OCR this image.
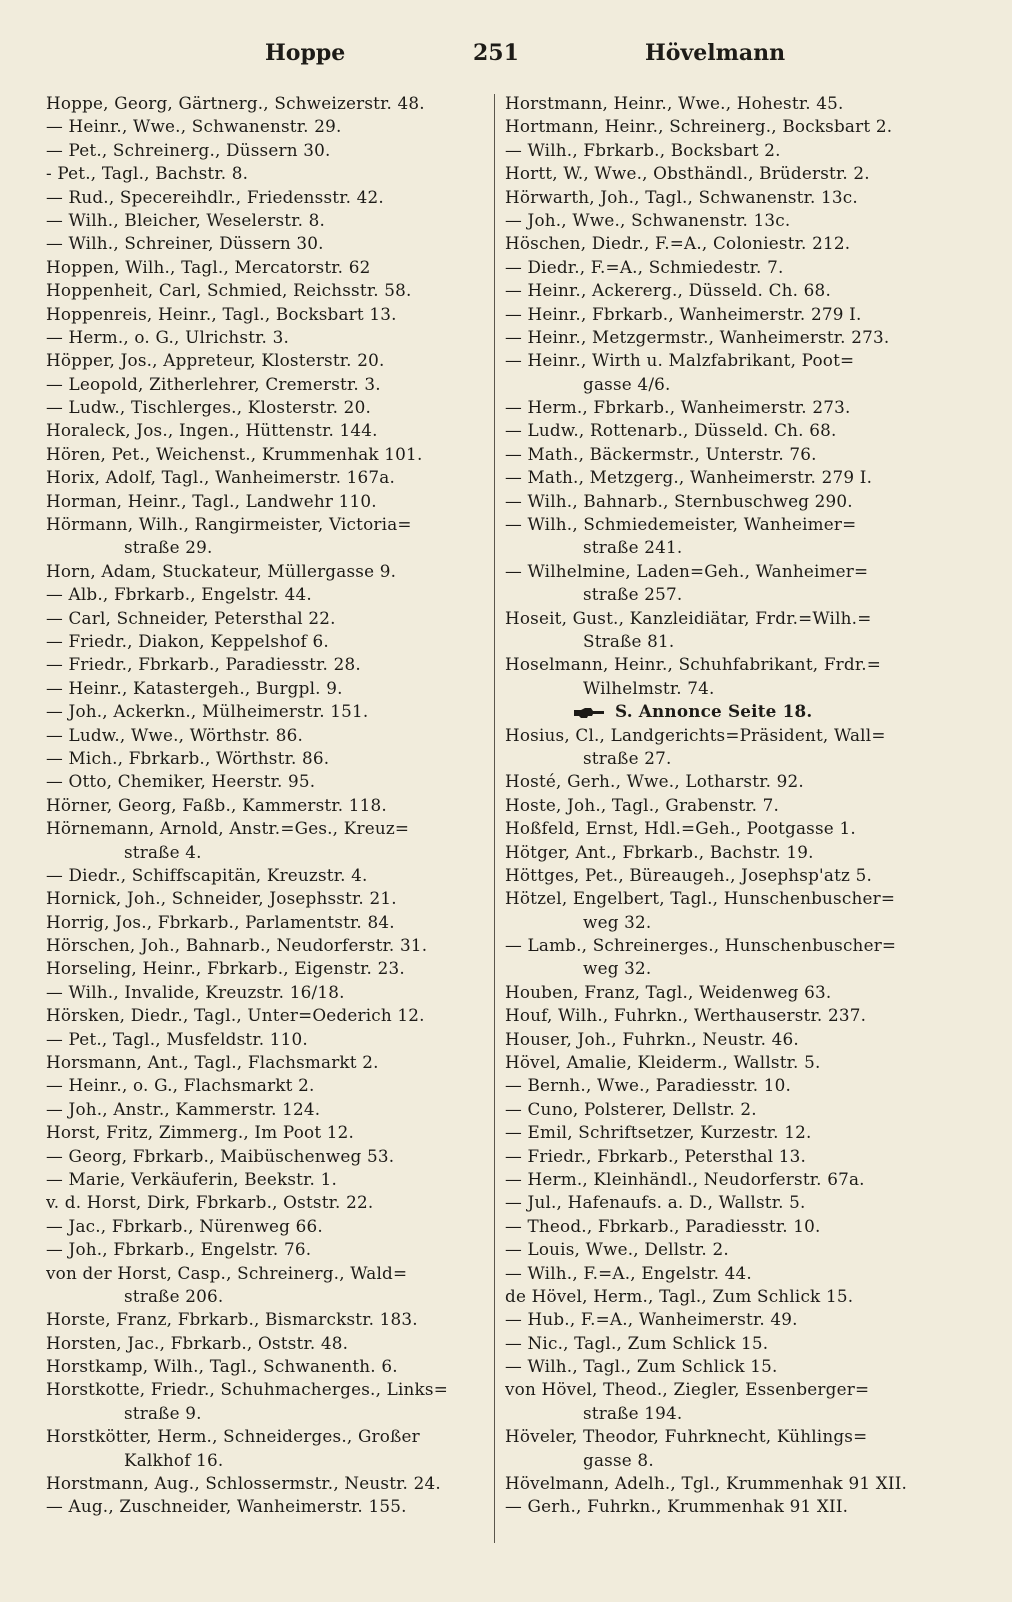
Hoppe	251	Hövelmann
Hoppe, Georg, Gärtnerg., Schweizerstr. 48.
— Heinr., Wwe., Schwanenstr. 29.
— Pet., Schreinerg., Düssern 30.
- Pet., Tagl., Bachstr. 8.
— Rud., Specereihdlr., Friedensstr. 42.
— Wilh., Bleicher, Weselerstr. 8.
— Wilh., Schreiner, Düssern 30.
Hoppen, Wilh., Tagl., Mercatorstr. 62
Hoppenheit, Carl, Schmied, Reichsstr. 58.
Hoppenreis, Heinr., Tagl., Bocksbart 13.
— Herm., o. G., Ulrichstr. 3.
Höpper, Jos., Appreteur, Klosterstr. 20.
— Leopold, Zitherlehrer, Cremerstr. 3.
— Ludw., Tischlerges., Klosterstr. 20.
Horaleck, Jos., Ingen., Hüttenstr. 144.
Hören, Pet., Weichenst., Krummenhak 101.
Horix, Adolf, Tagl., Wanheimerstr. 167a.
Horman, Heinr., Tagl., Landwehr 110.
Hörmann, Wilh., Rangirmeister, Victoria=
straße 29.
Horn, Adam, Stuckateur, Müllergasse 9.
— Alb., Fbrkarb., Engelstr. 44.
— Carl, Schneider, Petersthal 22.
— Friedr., Diakon, Keppelshof 6.
— Friedr., Fbrkarb., Paradiesstr. 28.
— Heinr., Katastergeh., Burgpl. 9.
— Joh., Ackerkn., Mülheimerstr. 151.
— Ludw., Wwe., Wörthstr. 86.
— Mich., Fbrkarb., Wörthstr. 86.
— Otto, Chemiker, Heerstr. 95.
Hörner, Georg, Faßb., Kammerstr. 118.
Hörnemann, Arnold, Anstr.=Ges., Kreuz=
straße 4.
— Diedr., Schiffscapitän, Kreuzstr. 4.
Hornick, Joh., Schneider, Josephsstr. 21.
Horrig, Jos., Fbrkarb., Parlamentstr. 84.
Hörschen, Joh., Bahnarb., Neudorferstr. 31.
Horseling, Heinr., Fbrkarb., Eigenstr. 23.
— Wilh., Invalide, Kreuzstr. 16/18.
Hörsken, Diedr., Tagl., Unter=Oederich 12.
— Pet., Tagl., Musfeldstr. 110.
Horsmann, Ant., Tagl., Flachsmarkt 2.
— Heinr., o. G., Flachsmarkt 2.
— Joh., Anstr., Kammerstr. 124.
Horst, Fritz, Zimmerg., Im Poot 12.
— Georg, Fbrkarb., Maibüschenweg 53.
— Marie, Verkäuferin, Beekstr. 1.
v. d. Horst, Dirk, Fbrkarb., Oststr. 22.
— Jac., Fbrkarb., Nürenweg 66.
— Joh., Fbrkarb., Engelstr. 76.
von der Horst, Casp., Schreinerg., Wald=
straße 206.
Horste, Franz, Fbrkarb., Bismarckstr. 183.
Horsten, Jac., Fbrkarb., Oststr. 48.
Horstkamp, Wilh., Tagl., Schwanenth. 6.
Horstkotte, Friedr., Schuhmacherges., Links=
straße 9.
Horstkötter, Herm., Schneiderges., Großer
Kalkhof 16.
Horstmann, Aug., Schlossermstr., Neustr. 24.
— Aug., Zuschneider, Wanheimerstr. 155.
Horstmann, Heinr., Wwe., Hohestr. 45.
Hortmann, Heinr., Schreinerg., Bocksbart 2.
— Wilh., Fbrkarb., Bocksbart 2.
Hortt, W., Wwe., Obsthändl., Brüderstr. 2.
Hörwarth, Joh., Tagl., Schwanenstr. 13c.
— Joh., Wwe., Schwanenstr. 13c.
Höschen, Diedr., F.=A., Coloniestr. 212.
— Diedr., F.=A., Schmiedestr. 7.
— Heinr., Ackererg., Düsseld. Ch. 68.
— Heinr., Fbrkarb., Wanheimerstr. 279 I.
— Heinr., Metzgermstr., Wanheimerstr. 273.
— Heinr., Wirth u. Malzfabrikant, Poot=
gasse 4/6.
— Herm., Fbrkarb., Wanheimerstr. 273.
— Ludw., Rottenarb., Düsseld. Ch. 68.
— Math., Bäckermstr., Unterstr. 76.
— Math., Metzgerg., Wanheimerstr. 279 I.
— Wilh., Bahnarb., Sternbuschweg 290.
— Wilh., Schmiedemeister, Wanheimer=
straße 241.
— Wilhelmine, Laden=Geh., Wanheimer=
straße 257.
Hoseit, Gust., Kanzleidiätar, Frdr.=Wilh.=
Straße 81.
Hoselmann, Heinr., Schuhfabrikant, Frdr.=
Wilhelmstr. 74.
S. Annonce Seite 18.
Hosius, Cl., Landgerichts=Präsident, Wall=
straße 27.
Hosté, Gerh., Wwe., Lotharstr. 92.
Hoste, Joh., Tagl., Grabenstr. 7.
Hoßfeld, Ernst, Hdl.=Geh., Pootgasse 1.
Hötger, Ant., Fbrkarb., Bachstr. 19.
Höttges, Pet., Büreaugeh., Josephsp'atz 5.
Hötzel, Engelbert, Tagl., Hunschenbuscher=
weg 32.
— Lamb., Schreinerges., Hunschenbuscher=
weg 32.
Houben, Franz, Tagl., Weidenweg 63.
Houf, Wilh., Fuhrkn., Werthauserstr. 237.
Houser, Joh., Fuhrkn., Neustr. 46.
Hövel, Amalie, Kleiderm., Wallstr. 5.
— Bernh., Wwe., Paradiesstr. 10.
— Cuno, Polsterer, Dellstr. 2.
— Emil, Schriftsetzer, Kurzestr. 12.
— Friedr., Fbrkarb., Petersthal 13.
— Herm., Kleinhändl., Neudorferstr. 67a.
— Jul., Hafenaufs. a. D., Wallstr. 5.
— Theod., Fbrkarb., Paradiesstr. 10.
— Louis, Wwe., Dellstr. 2.
— Wilh., F.=A., Engelstr. 44.
de Hövel, Herm., Tagl., Zum Schlick 15.
— Hub., F.=A., Wanheimerstr. 49.
— Nic., Tagl., Zum Schlick 15.
— Wilh., Tagl., Zum Schlick 15.
von Hövel, Theod., Ziegler, Essenberger=
straße 194.
Höveler, Theodor, Fuhrknecht, Kühlings=
gasse 8.
Hövelmann, Adelh., Tgl., Krummenhak 91 XII.
— Gerh., Fuhrkn., Krummenhak 91 XII.
